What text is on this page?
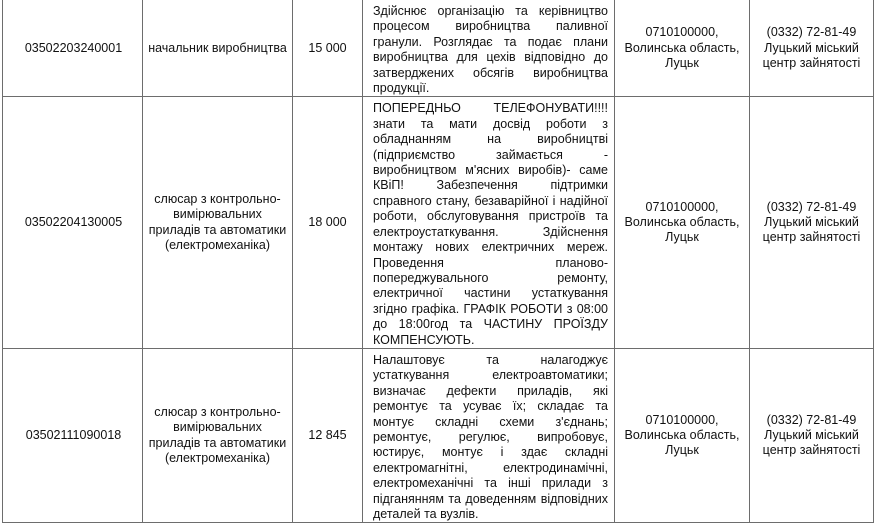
03502203240001	начальник виробництва	15 000	Здійснює організацію та керівництво процесом виробництва паливної гранули. Розглядає та подає плани виробництва для цехів відповідно до затверджених обсягів виробництва продукції.	0710100000, Волинська область, Луцьк	(0332) 72-81-49 Луцький міський центр зайнятості
03502204130005	слюсар з контрольно-вимірювальних приладів та автоматики (електромеханіка)	18 000	ПОПЕРЕДНЬО ТЕЛЕФОНУВАТИ!!!! знати та мати досвід роботи з обладнанням на виробництві (підприємство займається - виробництвом м'ясних виробів)- саме КВіП! Забезпечення підтримки справного стану, безаварійної і надійної роботи, обслуговування пристроїв та електроустаткування. Здійснення монтажу нових електричних мереж. Проведення планово-попереджувального ремонту, електричної частини устаткування згідно графіка. ГРАФІК РОБОТИ з 08:00 до 18:00год та ЧАСТИНУ ПРОЇЗДУ КОМПЕНСУЮТЬ.	0710100000, Волинська область, Луцьк	(0332) 72-81-49 Луцький міський центр зайнятості
03502111090018	слюсар з контрольно-вимірювальних приладів та автоматики (електромеханіка)	12 845	Налаштовує та налагоджує устаткування електроавтоматики; визначає дефекти приладів, які ремонтує та усуває їх; складає та монтує складні схеми з'єднань; ремонтує, регулює, випробовує, юстирує, монтує і здає складні електромагнітні, електродинамічні, електромеханічні та інші прилади з пiдганянням та доведенням вiдповiдних деталей та вузлів.	0710100000, Волинська область, Луцьк	(0332) 72-81-49 Луцький міський центр зайнятості
